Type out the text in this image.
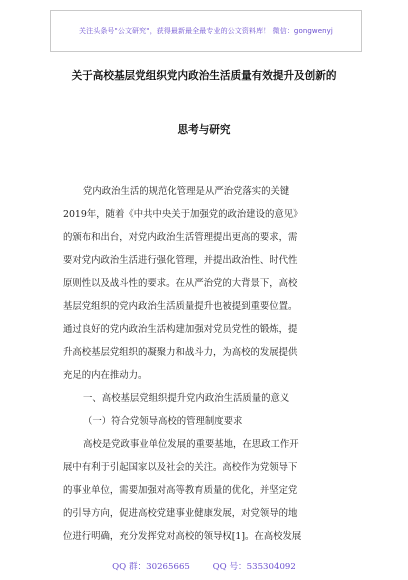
关注头条号"公文研究"，获得最新最全最专业的公文资料库！ 微信：gongwenyj
关于高校基层党组织党内政治生活质量有效提升及创新的
思考与研究
党内政治生活的规范化管理是从严治党落实的关键
2019年，随着《中共中央关于加强党的政治建设的意见》
的颁布和出台，对党内政治生活管理提出更高的要求，需
要对党内政治生活进行强化管理，并提出政治性、时代性
原则性以及战斗性的要求。在从严治党的大背景下，高校
基层党组织的党内政治生活质量提升也被提到重要位置。
通过良好的党内政治生活构建加强对党员党性的锻炼，提
升高校基层党组织的凝聚力和战斗力，为高校的发展提供
充足的内在推动力。
一、高校基层党组织提升党内政治生活质量的意义
（一）符合党领导高校的管理制度要求
高校是党政事业单位发展的重要基地，在思政工作开
展中有利于引起国家以及社会的关注。高校作为党领导下
的事业单位，需要加强对高等教育质量的优化，并坚定党
的引导方向，促进高校党建事业健康发展，对党领导的地
位进行明确，充分发挥党对高校的领导权[1]。在高校发展
QQ 群：30265665	QQ 号：535304092
